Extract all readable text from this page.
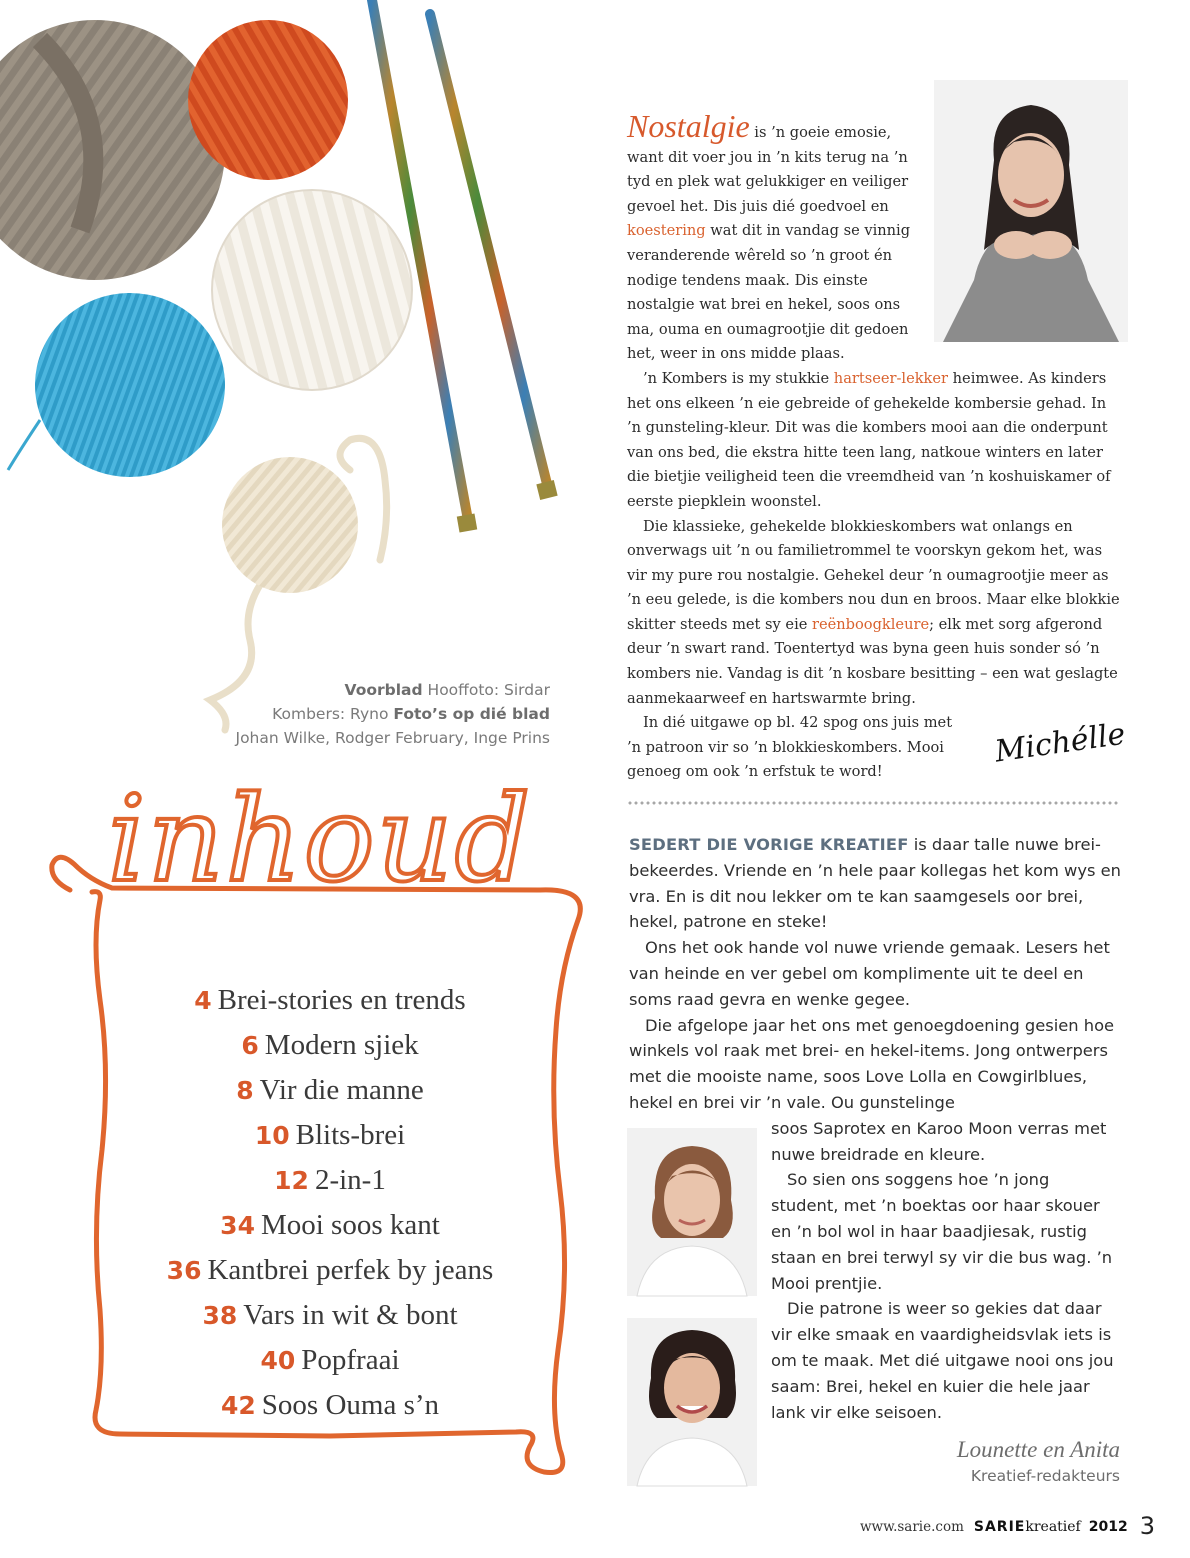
Voorblad Hooffoto: Sirdar
Kombers: Ryno Foto’s op dié blad
Johan Wilke, Rodger February, Inge Prins

Nostalgie is ’n goeie emosie, want dit voer jou in ’n kits terug na ’n tyd en plek wat gelukkiger en veiliger gevoel het. Dis juis dié goedvoel en koestering wat dit in vandag se vinnig veranderende wêreld so ’n groot én nodige tendens maak. Dis einste nostalgie wat brei en hekel, soos ons ma, ouma en oumagrootjie dit gedoen het, weer in ons midde plaas.

’n Kombers is my stukkie hartseer-lekker heimwee. As kinders het ons elkeen ’n eie gebreide of gehekelde kombersie gehad. In ’n gunsteling-kleur. Dit was die kombers mooi aan die onderpunt van ons bed, die ekstra hitte teen lang, natkoue winters en later die bietjie veiligheid teen die vreemdheid van ’n koshuiskamer of eerste piepklein woonstel.

Die klassieke, gehekelde blokkieskombers wat onlangs en onverwags uit ’n ou familietrommel te voorskyn gekom het, was vir my pure rou nostalgie. Gehekel deur ’n oumagrootjie meer as ’n eeu gelede, is die kombers nou dun en broos. Maar elke blokkie skitter steeds met sy eie reënboogkleure; elk met sorg afgerond deur ’n swart rand. Toentertyd was byna geen huis sonder só ’n kombers nie. Vandag is dit ’n kosbare besitting – een wat geslagte aanmekaarweef en hartswarmte bring.

In dié uitgawe op bl. 42 spog ons juis met
’n patroon vir so ’n blokkieskombers. Mooi
genoeg om ook ’n erfstuk te word!

Michélle

SEDERT DIE VORIGE KREATIEF is daar talle nuwe brei-bekeerdes. Vriende en ’n hele paar kollegas het kom wys en vra. En is dit nou lekker om te kan saamgesels oor brei, hekel, patrone en steke!

Ons het ook hande vol nuwe vriende gemaak. Lesers het van heinde en ver gebel om komplimente uit te deel en soms raad gevra en wenke gegee.

Die afgelope jaar het ons met genoegdoening gesien hoe winkels vol raak met brei- en hekel-items. Jong ontwerpers met die mooiste name, soos Love Lolla en Cowgirlblues, hekel en brei vir ’n vale. Ou gunstelinge

soos Saprotex en Karoo Moon verras met nuwe breidrade en kleure.

So sien ons soggens hoe ’n jong student, met ’n boektas oor haar skouer en ’n bol wol in haar baadjiesak, rustig staan en brei terwyl sy vir die bus wag. ’n Mooi prentjie.

Die patrone is weer so gekies dat daar vir elke smaak en vaardigheidsvlak iets is om te maak. Met dié uitgawe nooi ons jou saam: Brei, hekel en kuier die hele jaar lank vir elke seisoen.

Lounette en Anita
Kreatief-redakteurs
inhoud
4 Brei-stories en trends
6 Modern sjiek
8 Vir die manne
10 Blits-brei
12 2-in-1
34 Mooi soos kant
36 Kantbrei perfek by jeans
38 Vars in wit & bont
40 Popfraai
42 Soos Ouma s’n
www.sarie.com SARIEkreatief 2012 3
